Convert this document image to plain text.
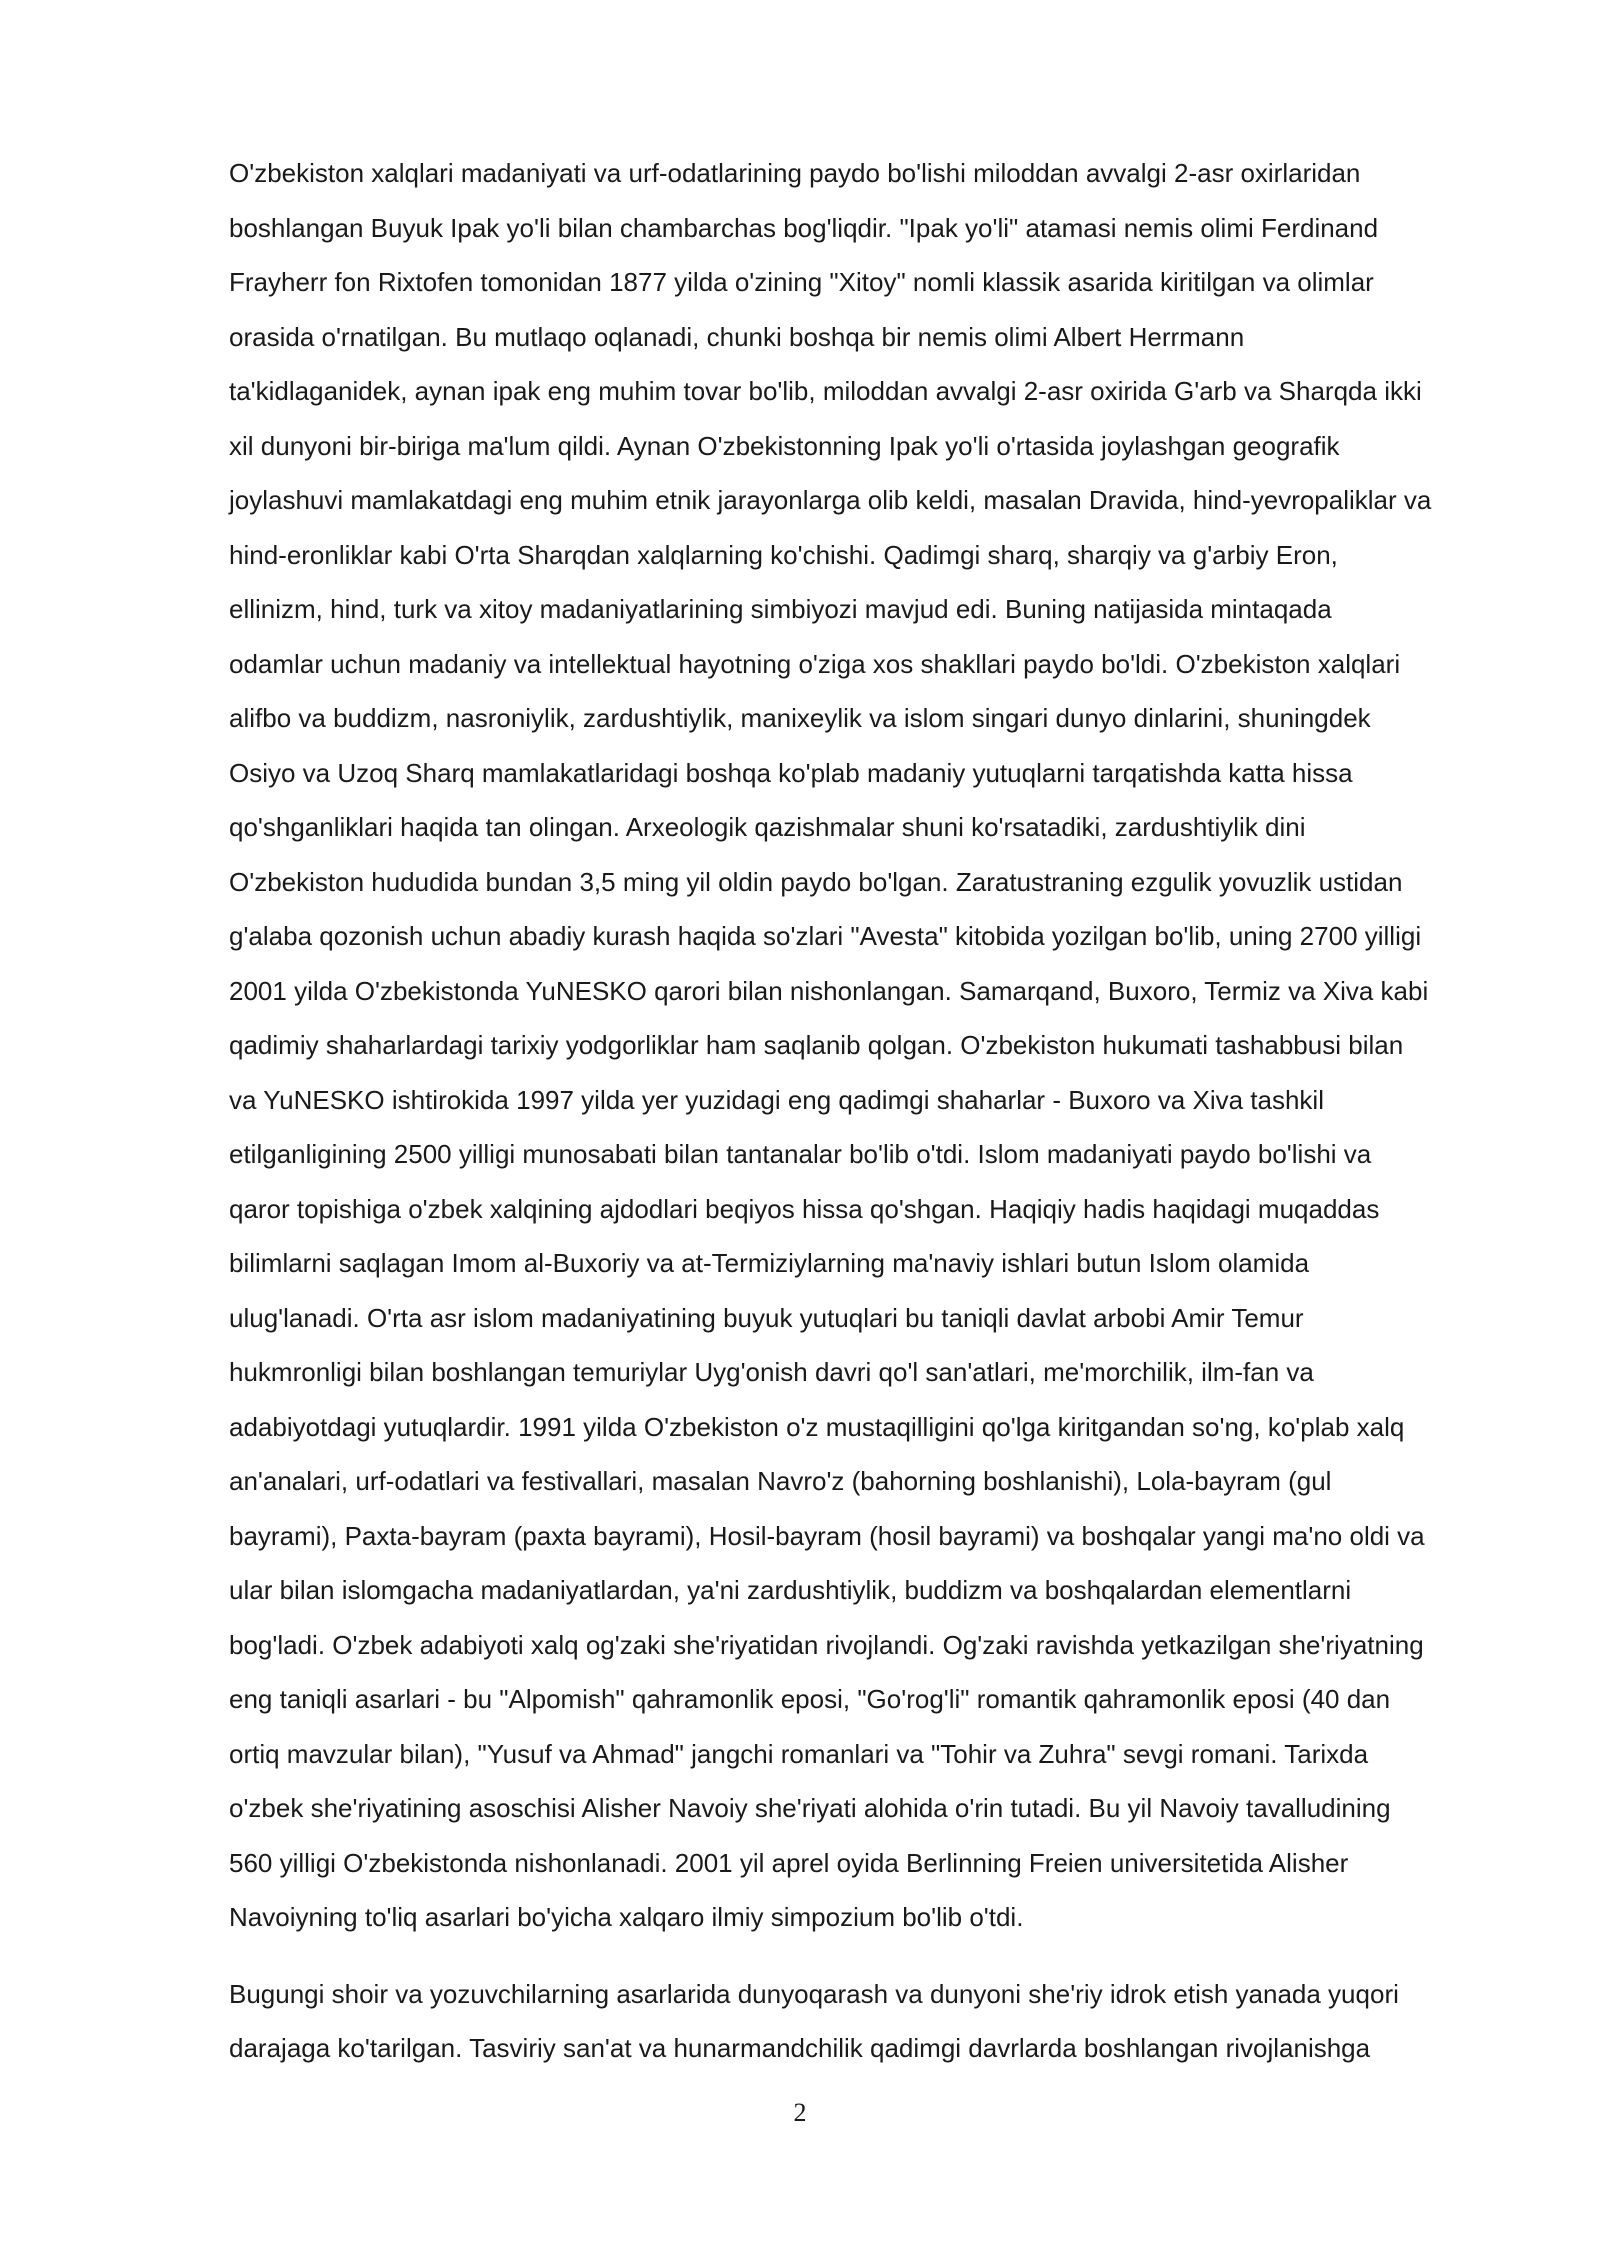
O'zbekiston xalqlari madaniyati va urf-odatlarining paydo bo'lishi miloddan avvalgi 2-asr oxirlaridan
boshlangan Buyuk Ipak yo'li bilan chambarchas bog'liqdir. "Ipak yo'li" atamasi nemis olimi Ferdinand
Frayherr fon Rixtofen tomonidan 1877 yilda o'zining "Xitoy" nomli klassik asarida kiritilgan va olimlar
orasida o'rnatilgan. Bu mutlaqo oqlanadi, chunki boshqa bir nemis olimi Albert Herrmann
ta'kidlaganidek, aynan ipak eng muhim tovar bo'lib, miloddan avvalgi 2-asr oxirida G'arb va Sharqda ikki
xil dunyoni bir-biriga ma'lum qildi. Aynan O'zbekistonning Ipak yo'li o'rtasida joylashgan geografik
joylashuvi mamlakatdagi eng muhim etnik jarayonlarga olib keldi, masalan Dravida, hind-yevropaliklar va
hind-eronliklar kabi O'rta Sharqdan xalqlarning ko'chishi. Qadimgi sharq, sharqiy va g'arbiy Eron,
ellinizm, hind, turk va xitoy madaniyatlarining simbiyozi mavjud edi. Buning natijasida mintaqada
odamlar uchun madaniy va intellektual hayotning o'ziga xos shakllari paydo bo'ldi. O'zbekiston xalqlari
alifbo va buddizm, nasroniylik, zardushtiylik, manixeylik va islom singari dunyo dinlarini, shuningdek
Osiyo va Uzoq Sharq mamlakatlaridagi boshqa ko'plab madaniy yutuqlarni tarqatishda katta hissa
qo'shganliklari haqida tan olingan. Arxeologik qazishmalar shuni ko'rsatadiki, zardushtiylik dini
O'zbekiston hududida bundan 3,5 ming yil oldin paydo bo'lgan. Zaratustraning ezgulik yovuzlik ustidan
g'alaba qozonish uchun abadiy kurash haqida so'zlari "Avesta" kitobida yozilgan bo'lib, uning 2700 yilligi
2001 yilda O'zbekistonda YuNESKO qarori bilan nishonlangan. Samarqand, Buxoro, Termiz va Xiva kabi
qadimiy shaharlardagi tarixiy yodgorliklar ham saqlanib qolgan. O'zbekiston hukumati tashabbusi bilan
va YuNESKO ishtirokida 1997 yilda yer yuzidagi eng qadimgi shaharlar - Buxoro va Xiva tashkil
etilganligining 2500 yilligi munosabati bilan tantanalar bo'lib o'tdi. Islom madaniyati paydo bo'lishi va
qaror topishiga o'zbek xalqining ajdodlari beqiyos hissa qo'shgan. Haqiqiy hadis haqidagi muqaddas
bilimlarni saqlagan Imom al-Buxoriy va at-Termiziylarning ma'naviy ishlari butun Islom olamida
ulug'lanadi. O'rta asr islom madaniyatining buyuk yutuqlari bu taniqli davlat arbobi Amir Temur
hukmronligi bilan boshlangan temuriylar Uyg'onish davri qo'l san'atlari, me'morchilik, ilm-fan va
adabiyotdagi yutuqlardir. 1991 yilda O'zbekiston o'z mustaqilligini qo'lga kiritgandan so'ng, ko'plab xalq
an'analari, urf-odatlari va festivallari, masalan Navro'z (bahorning boshlanishi), Lola-bayram (gul
bayrami), Paxta-bayram (paxta bayrami), Hosil-bayram (hosil bayrami) va boshqalar yangi ma'no oldi va
ular bilan islomgacha madaniyatlardan, ya'ni zardushtiylik, buddizm va boshqalardan elementlarni
bog'ladi. O'zbek adabiyoti xalq og'zaki she'riyatidan rivojlandi. Og'zaki ravishda yetkazilgan she'riyatning
eng taniqli asarlari - bu "Alpomish" qahramonlik eposi, "Go'rog'li" romantik qahramonlik eposi (40 dan
ortiq mavzular bilan), "Yusuf va Ahmad" jangchi romanlari va "Tohir va Zuhra" sevgi romani. Tarixda
o'zbek she'riyatining asoschisi Alisher Navoiy she'riyati alohida o'rin tutadi. Bu yil Navoiy tavalludining
560 yilligi O'zbekistonda nishonlanadi. 2001 yil aprel oyida Berlinning Freien universitetida Alisher
Navoiyning to'liq asarlari bo'yicha xalqaro ilmiy simpozium bo'lib o'tdi.
Bugungi shoir va yozuvchilarning asarlarida dunyoqarash va dunyoni she'riy idrok etish yanada yuqori
darajaga ko'tarilgan. Tasviriy san'at va hunarmandchilik qadimgi davrlarda boshlangan rivojlanishga
2
